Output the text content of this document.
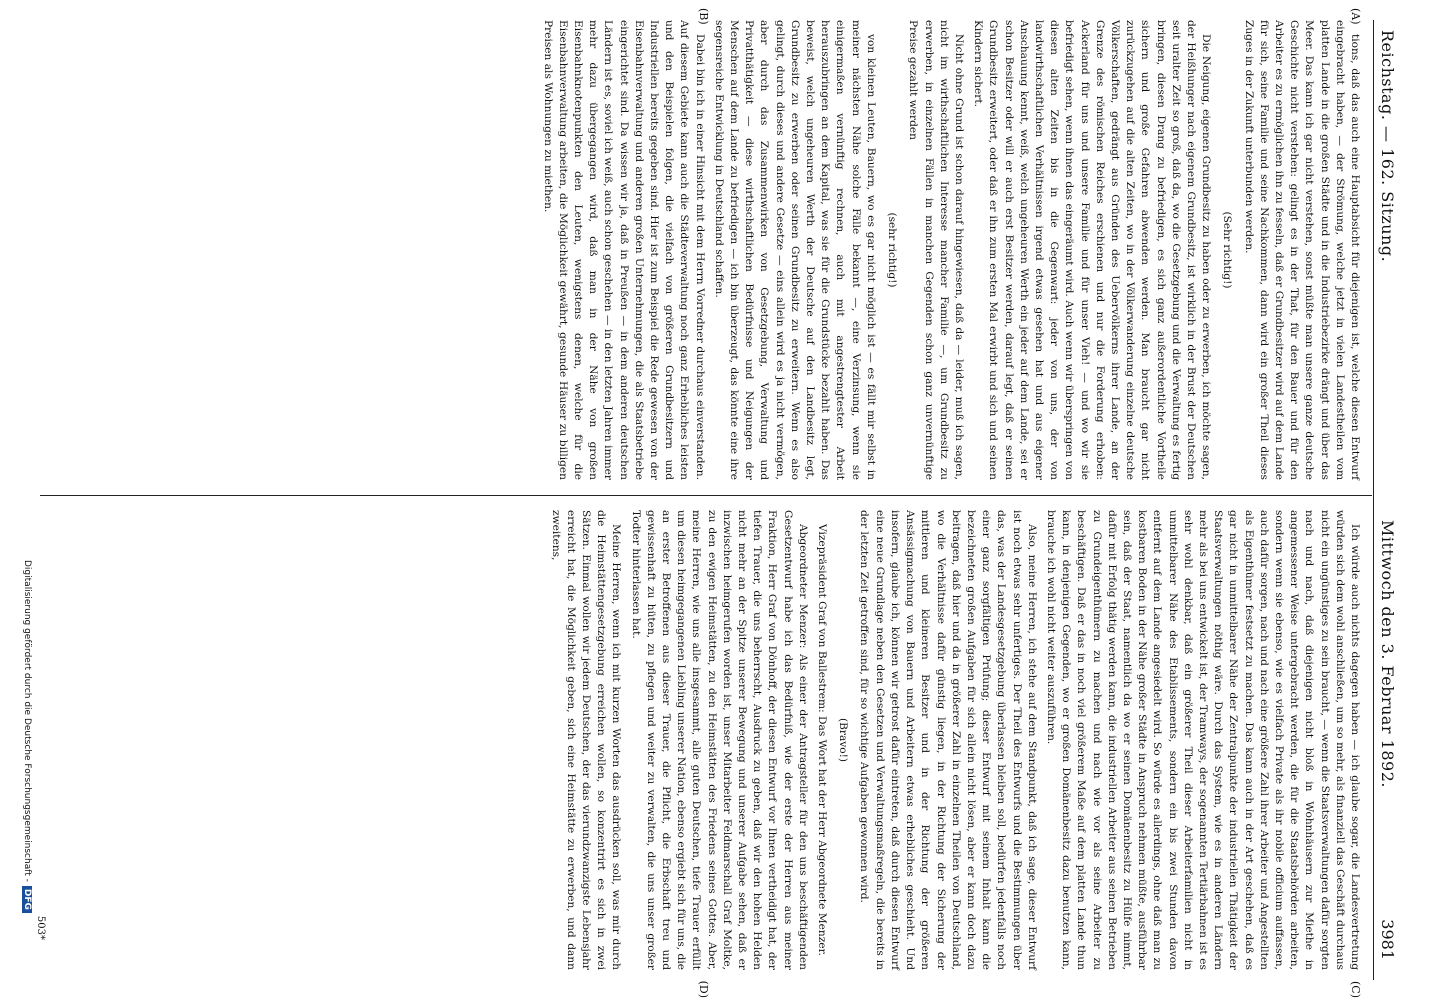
Reichstag. — 162. Sitzung.
Mittwoch den 3. Februar 1892.
3981
(A)
(B)
(C)
(D)

tions, daß das auch eine Hauptabsicht für diejenigen ist, welche diesen Entwurf eingebracht haben, — der Strömung, welche jetzt in vielen Landestheilen vom platten Lande in die großen Städte und in die Industriebezirke drängt und über das Meer. Das kann ich gar nicht verstehen, sonst müßte man unsere ganze deutsche Geschichte nicht verstehen: gelingt es in der That, für den Bauer und für den Arbeiter es zu ermöglichen ihn zu fesseln, daß er Grundbesitzer wird auf dem Lande für sich, seine Familie und seine Nachkommen, dann wird ein großer Theil dieses Zuges in der Zukunft unterbunden werden.

(Sehr richtig!)

Die Neigung, eigenen Grundbesitz zu haben oder zu erwerben, ich möchte sagen, der Heißhunger nach eigenem Grundbesitz, ist wirklich in der Brust der Deutschen seit uralter Zeit so groß, daß da, wo die Gesetzgebung und die Verwaltung es fertig bringen, diesen Drang zu befriedigen, es sich ganz außerordentliche Vortheile sichern und große Gefahren abwenden werden. Man braucht gar nicht zurückzugehen auf die alten Zeiten, wo in der Völkerwanderung einzelne deutsche Völkerschaften, gedrängt aus Gründen des Uebervölkerns ihrer Lande, an der Grenze des römischen Reiches erschienen und nur die Forderung erhoben: Ackerland für uns und unsere Familie und für unser Vieh! — und wo wir sie befriedigt sehen, wenn ihnen das eingeräumt wird. Auch wenn wir überspringen von diesen alten Zeiten bis in die Gegenwart: jeder von uns, der von landwirthschaftlichen Verhältnissen irgend etwas gesehen hat und aus eigener Anschauung kennt, weiß, welch ungeheuren Werth ein jeder auf dem Lande, sei er schon Besitzer oder will er auch erst Besitzer werden, darauf legt, daß er seinen Grundbesitz erweitert, oder daß er ihn zum ersten Mal erwirbt und sich und seinen Kindern sichert.

Nicht ohne Grund ist schon darauf hingewiesen, daß da — leider, muß ich sagen, nicht im wirthschaftlichen Interesse mancher Familie —, um Grundbesitz zu erwerben, in einzelnen Fällen in manchen Gegenden schon ganz unvernünftige Preise gezahlt werden

(sehr richtig!)

von kleinen Leuten, Bauern, wo es gar nicht möglich ist — es fällt mir selbst in meiner nächsten Nähe solche Fälle bekannt —, eine Verzinsung, wenn sie einigermaßen vernünftig rechnen, auch mit angestrengtester Arbeit herauszubringen an dem Kapital, was sie für die Grundstücke bezahlt haben. Das beweist, welch ungeheuren Werth der Deutsche auf den Landbesitz legt, Grundbesitz zu erwerben oder seinen Grundbesitz zu erweitern. Wenn es also gelingt, durch dieses und andere Gesetze — eins allein wird es ja nicht vermögen, aber durch das Zusammenwirken von Gesetzgebung, Verwaltung und Privatthätigkeit — diese wirthschaftlichen Bedürfnisse und Neigungen der Menschen auf dem Lande zu befriedigen — ich bin überzeugt, das könnte eine ihre segensreiche Entwicklung in Deutschland schaffen.

Dabei bin ich in einer Hinsicht mit dem Herrn Vorredner durchaus einverstanden. Auf diesem Gebiete kann auch die Städteverwaltung noch ganz Erhebliches leisten und den Beispielen folgen, die vielfach von größeren Grundbesitzern und Industriellen bereits gegeben sind. Hier ist zum Beispiel die Rede gewesen von der Eisenbahnverwaltung und anderen großen Unternehmungen, die als Staatsbetriebe eingerichtet sind. Da wissen wir ja, daß in Preußen — in dem anderen deutschen Ländern ist es, soviel ich weiß, auch schon geschehen — in den letzten Jahren immer mehr dazu übergegangen wird, daß man in der Nähe von großen Eisenbahnknotenpunkten den Leuten, wenigstens denen, welche für die Eisenbahnverwaltung arbeiten, die Möglichkeit gewährt, gesunde Häuser zu billigen Preisen als Wohnungen zu miethen.

Ich würde auch nichts dagegen haben — ich glaube sogar, die Landesvertretung würden sich dem wohl anschließen, um so mehr, als finanziell das Geschäft durchaus nicht ein ungünstiges zu sein braucht, — wenn die Staatsverwaltungen dafür sorgten nach und nach, daß diejenigen nicht bloß in Wohnhäusern zur Miethe in angemessener Weise untergebracht werden, die für die Staatsbehörden arbeiten, sondern wenn sie ebenso, wie es vielfach Private als ihr nobile officium auffassen, auch dafür sorgen, nach und nach eine größere Zahl ihrer Arbeiter und Angestellten als Eigenthümer festsetzt zu machen. Das kann auch in der Art geschehen, daß es gar nicht in unmittelbarer Nähe der Zentralpunkte der industriellen Thätigkeit der Staatsverwaltungen nöthig wäre. Durch das System, wie es in anderen Ländern mehr als bei uns entwickelt ist, der Tramways, der sogenannten Tertiärbahnen ist es sehr wohl denkbar, daß ein größerer Theil dieser Arbeiterfamilien nicht in unmittelbarer Nähe des Etablissements, sondern ein bis zwei Stunden davon entfernt auf dem Lande angesiedelt wird. So würde es allerdings, ohne daß man zu kostbaren Boden in der Nähe großer Städte in Anspruch nehmen müßte, ausführbar sein, daß der Staat, namentlich da wo er seinen Domänenbesitz zu Hülfe nimmt, dafür mit Erfolg thätig werden kann, die industriellen Arbeiter aus seinen Betrieben zu Grundeigenthümern zu machen und nach wie vor als seine Arbeiter zu beschäftigen. Daß er das in noch viel größerem Maße auf dem platten Lande thun kann, in denjenigen Gegenden, wo er großen Domänenbesitz dazu benutzen kann, brauche ich wohl nicht weiter auszuführen.

Also, meine Herren, ich stehe auf dem Standpunkt, daß ich sage, dieser Entwurf ist noch etwas sehr unfertiges. Der Theil des Entwurfs und die Bestimmungen über das, was der Landesgesetzgebung überlassen bleiben soll, bedürfen jedenfalls noch einer ganz sorgfältigen Prüfung; dieser Entwurf mit seinem Inhalt kann die bezeichneten großen Aufgaben für sich allein nicht lösen, aber er kann doch dazu beitragen, daß hier und da in größerer Zahl in einzelnen Theilen von Deutschland, wo die Verhältnisse dafür günstig liegen, in der Richtung der Sicherung der mittleren und kleineren Besitzer und in der Richtung der größeren Ansässigmachung von Bauern und Arbeitern etwas erhebliches geschieht. Und insofern, glaube ich, können wir getrost dafür eintreten, daß durch diesen Entwurf eine neue Grundlage neben den Gesetzen und Verwaltungsmaßregeln, die bereits in der letzten Zeit getroffen sind, für so wichtige Aufgaben gewonnen wird.

(Bravo!)

Vizepräsident Graf von Ballestrem: Das Wort hat der Herr Abgeordnete Menzer.

Abgeordneter Menzer: Als einer der Antragsteller für den uns beschäftigenden Gesetzentwurf habe ich das Bedürfniß, wie der erste der Herren aus meiner Fraktion, Herr Graf von Dönhoff, der diesen Entwurf vor Ihnen vertheidigt hat, der tiefen Trauer, die uns beherrscht, Ausdruck zu geben, daß wir den hohen Helden nicht mehr an der Spitze unserer Bewegung und unserer Aufgabe sehen, daß er inzwischen heimgerufen worden ist, unser Mitarbeiter Feldmarschall Graf Moltke, zu den ewigen Heimstätten, zu den Heimstätten des Friedens seines Gottes. Aber, meine Herren, wie uns alle insgesammt, alle guten Deutschen, tiefe Trauer erfüllt um diesen heimgegangenen Liebling unserer Nation, ebenso ergiebt sich für uns, die an erster Betroffenen aus dieser Trauer, die Pflicht, die Erbschaft treu und gewissenhaft zu hüten, zu pflegen und weiter zu verwalten, die uns unser großer Todter hinterlassen hat.

Meine Herren, wenn ich mit kurzen Worten das ausdrücken soll, was mir durch die Heimstättengesetzgebung erreichen wollen, so konzentrirt es sich in zwei Sätzen. Einmal wollen wir jedem Deutschen, der das vierundzwanzigste Lebensjahr erreicht hat, die Möglichkeit geben, sich eine Heimstätte zu erwerben, und dann zweitens,

503*
Digitalisierung gefördert durch die Deutsche Forschungsgemeinschaft -DFG
